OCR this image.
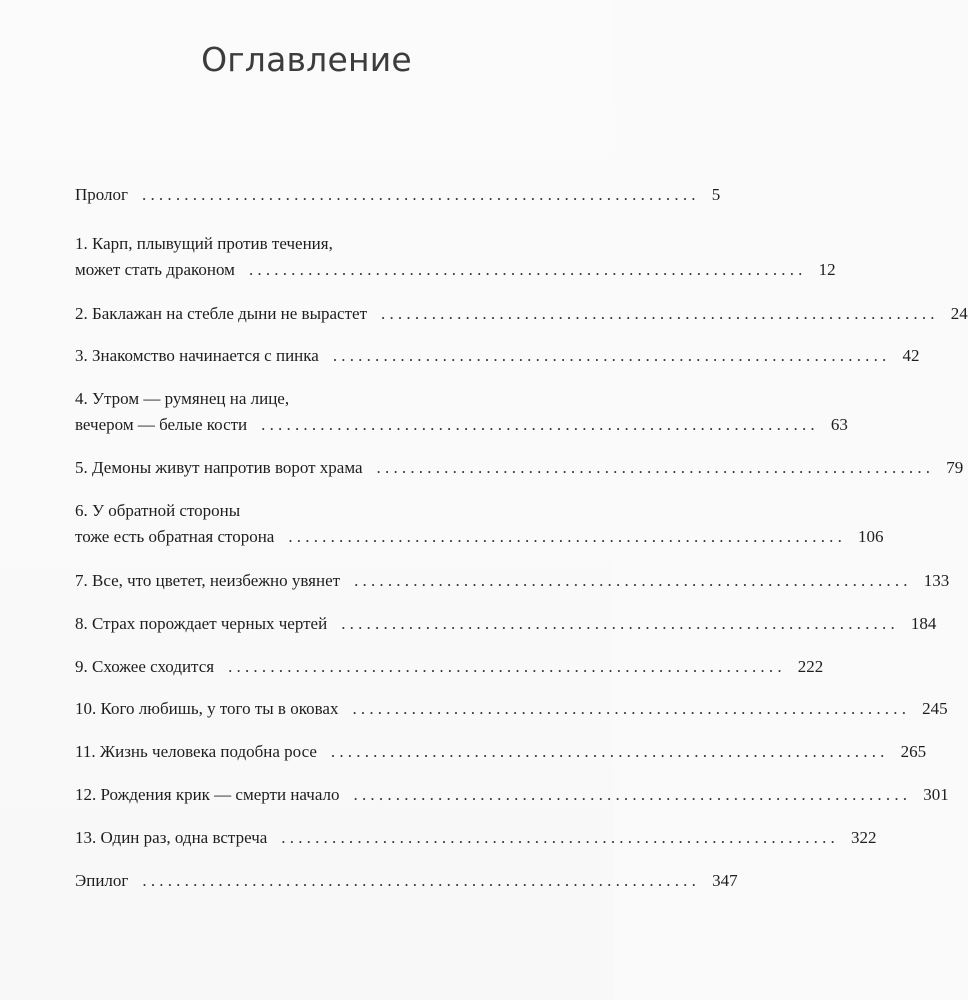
Оглавление
Пролог .................................................................. 5
1. Карп, плывущий против течения,
может стать драконом .................................................................. 12
2. Баклажан на стебле дыни не вырастет .................................................................. 24
3. Знакомство начинается с пинка .................................................................. 42
4. Утром — румянец на лице,
вечером — белые кости .................................................................. 63
5. Демоны живут напротив ворот храма .................................................................. 79
6. У обратной стороны
тоже есть обратная сторона .................................................................. 106
7. Все, что цветет, неизбежно увянет .................................................................. 133
8. Страх порождает черных чертей .................................................................. 184
9. Схожее сходится .................................................................. 222
10. Кого любишь, у того ты в оковах .................................................................. 245
11. Жизнь человека подобна росе .................................................................. 265
12. Рождения крик — смерти начало .................................................................. 301
13. Один раз, одна встреча .................................................................. 322
Эпилог .................................................................. 347
